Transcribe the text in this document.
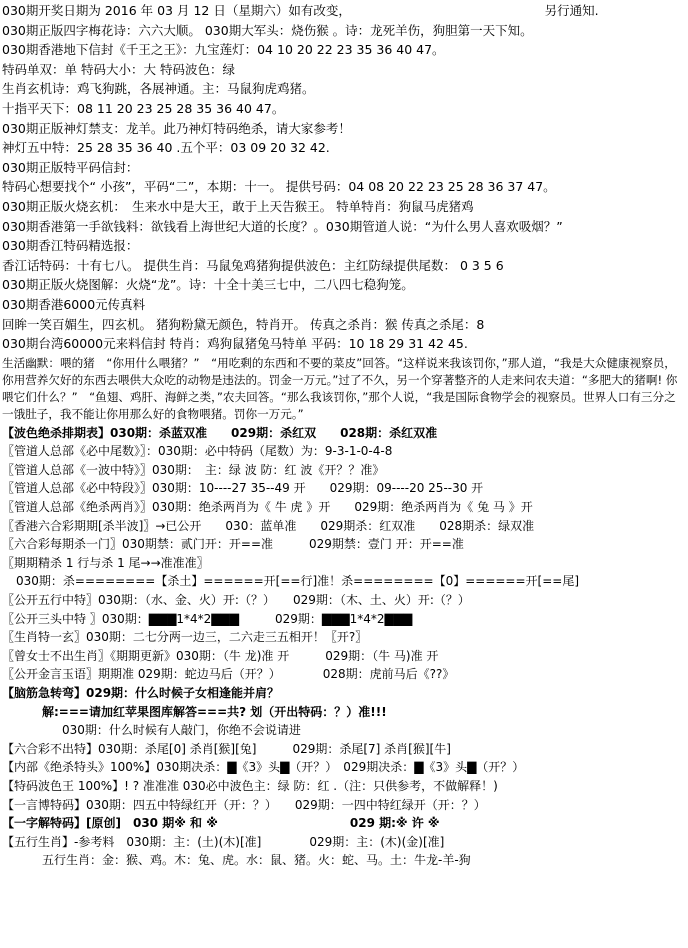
030期开奖日期为 2016 年 03 月 12 日（星期六）如有改变，　　　　　　　　　　　　　　　　另行通知.
030期正版四字梅花诗：六六大顺。 030期大军头：烧伤猴 。诗：龙死羊伤，狗胆第一天下知。
030期香港地下信封《千王之王》：九宝莲灯：04 10 20 22 23 35 36 40 47。
特码单双：单 特码大小：大 特码波色：绿
生肖玄机诗：鸡飞狗跳，各展神通。主：马鼠狗虎鸡猪。
十指平天下：08 11 20 23 25 28 35 36 40 47。
030期正版神灯禁支：龙羊。此乃神灯特码绝杀，请大家参考！
神灯五中特：25 28 35 36 40 .五个平：03 09 20 32 42.
030期正版特平码信封：
特码心想要找个“ 小孩”，平码“二”，本期：十一。 提供号码：04 08 20 22 23 25 28 36 37 47。
030期正版火烧玄机：　生来水中是大王，敢于上天告猴王。 特单特肖：狗鼠马虎猪鸡
030期香港第一手欲钱料：欲钱看上海世纪大道的长度？。030期管道人说：“为什么男人喜欢吸烟？”
030期香江特码精选报：
香江话特码：十有七八。 提供生肖：马鼠兔鸡猪狗提供波色：主红防绿提供尾数： 0 3 5 6
030期正版火烧图解：火烧“龙”。诗：十全十美三七中，二八四七稳狗笼。
030期香港6000元传真料
回眸一笑百媚生，四玄机。 猪狗粉黛无颜色，特肖开。 传真之杀肖：猴 传真之杀尾：8
030期台湾60000元来料信封 特肖：鸡狗鼠猪兔马特单 平码：10 18 29 31 42 45.
生活幽默：喂的猪　“你用什么喂猪？”　“用吃剩的东西和不要的菜皮”回答。“这样说来我该罚你，”那人道，“我是大众健康视察员，你用营养欠好的东西去喂供大众吃的动物是违法的。罚金一万元。”过了不久，另一个穿著整齐的人走来问农夫道：“多肥大的猪啊! 你喂它们什么？”　“鱼翅、鸡肝、海鲜之类，”农夫回答。“那么我该罚你，”那个人说，“我是国际食物学会的视察员。世界人口有三分之一饿肚子，我不能让你用那么好的食物喂猪。罚你一万元。”
【波色绝杀排期表】030期：杀蓝双准　　029期：杀红双　　028期：杀红双准
〖管道人总部《必中尾数》〗：030期：必中特码（尾数）为：9-3-1-0-4-8
〖管道人总部《一波中特》〗030期：　主：绿 波 防：红 波《开？？准》
〖管道人总部《必中特段》〗030期：10----27 35--49 开　　029期：09----20 25--30 开
〖管道人总部《绝杀两肖》〗030期：绝杀两肖为《 牛 虎 》开　　029期：绝杀两肖为《 兔 马 》开
〖香港六合彩期期[杀半波]〗→已公开　　030：蓝单准　　029期杀：红双准　　028期杀：绿双准
〖六合彩每期杀一门〗030期禁：贰门开：开==准　　　029期禁：壹门 开：开==准
〖期期精杀 1 行与杀 1 尾→→准准准〗
030期：杀========【杀土】======开[==行]准！杀========【0】======开[==尾]
〖公开五行中特〗030期：（水、金、火）开:（？）　　029期：（木、土、火）开:（？）
〖公开三头中特 〗030期：▇▇▇1*4*2▇▇▇　　　029期：▇▇▇1*4*2▇▇▇
〖生肖特一玄〗030期：二七分两一边三，二六走三五相开！〖开?〗
〖曾女士不出生肖〗《期期更新》030期：（牛 龙)准 开　　　029期：（牛 马)准 开
〖公开金言玉语〗期期准 029期：蛇边马后（开？）　　　　028期：虎前马后《??》
【脑筋急转弯】029期：什么时候子女相逢能并肩？
解:===请加红苹果图库解答===共? 划（开出特码：？）准!!!
030期：什么时候有人敲门，你绝不会说请进
【六合彩不出特】030期：杀尾[0] 杀肖[猴][兔]　　　029期：杀尾[7] 杀肖[猴][牛]
【内部《绝杀特头》100%】030期决杀：▇《3》头▇（开？）　029期决杀：▇《3》头▇（开？）
【特码波色王 100%】! ? 准准准 030必中波色主：绿 防：红 .（注：只供参考，不做解释！)
【一言博特码】030期：四五中特绿红开（开：？）　　029期：一四中特红绿开（开：？）
【一字解特码】[原创]　030 期※ 和 ※　　　　　　　　　　　029 期:※ 许 ※
【五行生肖】-参考料　030期：主：(土)(木)[准]　　　　029期：主：(木)(金)[准]
五行生肖：金：猴、鸡。木：兔、虎。水：鼠、猪。火：蛇、马。土：牛龙-羊-狗
